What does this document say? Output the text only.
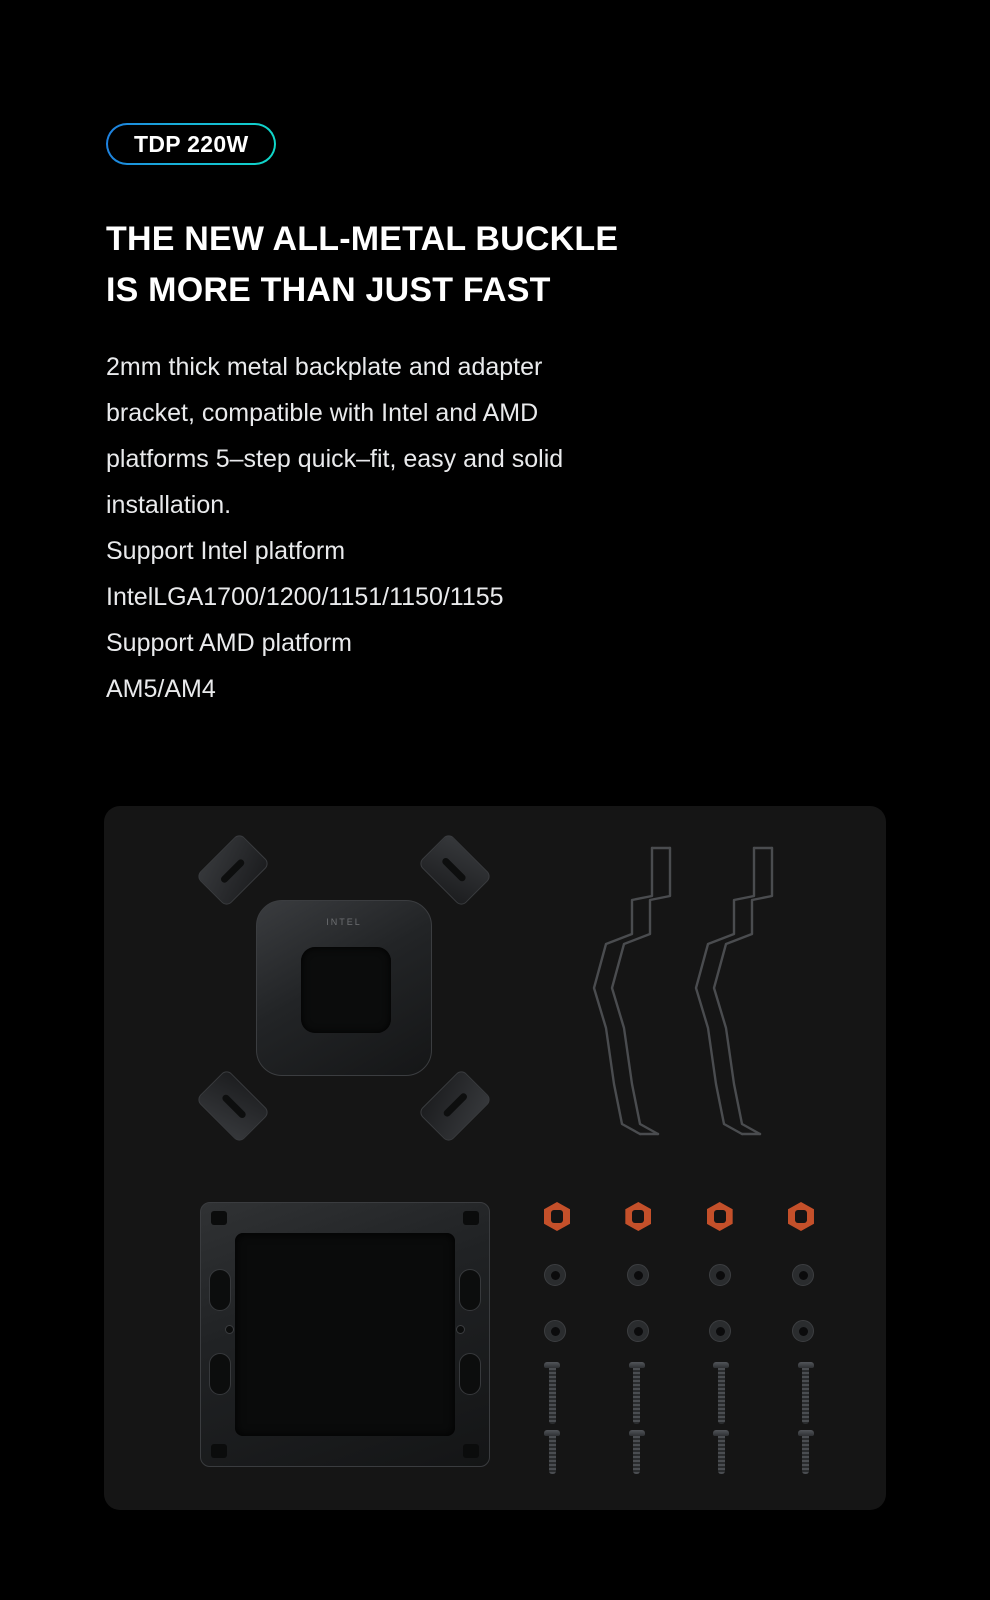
TDP 220W
THE NEW ALL-METAL BUCKLE
IS MORE THAN JUST FAST

2mm thick metal backplate and adapter

bracket, compatible with Intel and AMD

platforms 5–step quick–fit, easy and solid

installation.

Support Intel platform

IntelLGA1700/1200/1151/1150/1155

Support AMD platform

AM5/AM4

INTEL
